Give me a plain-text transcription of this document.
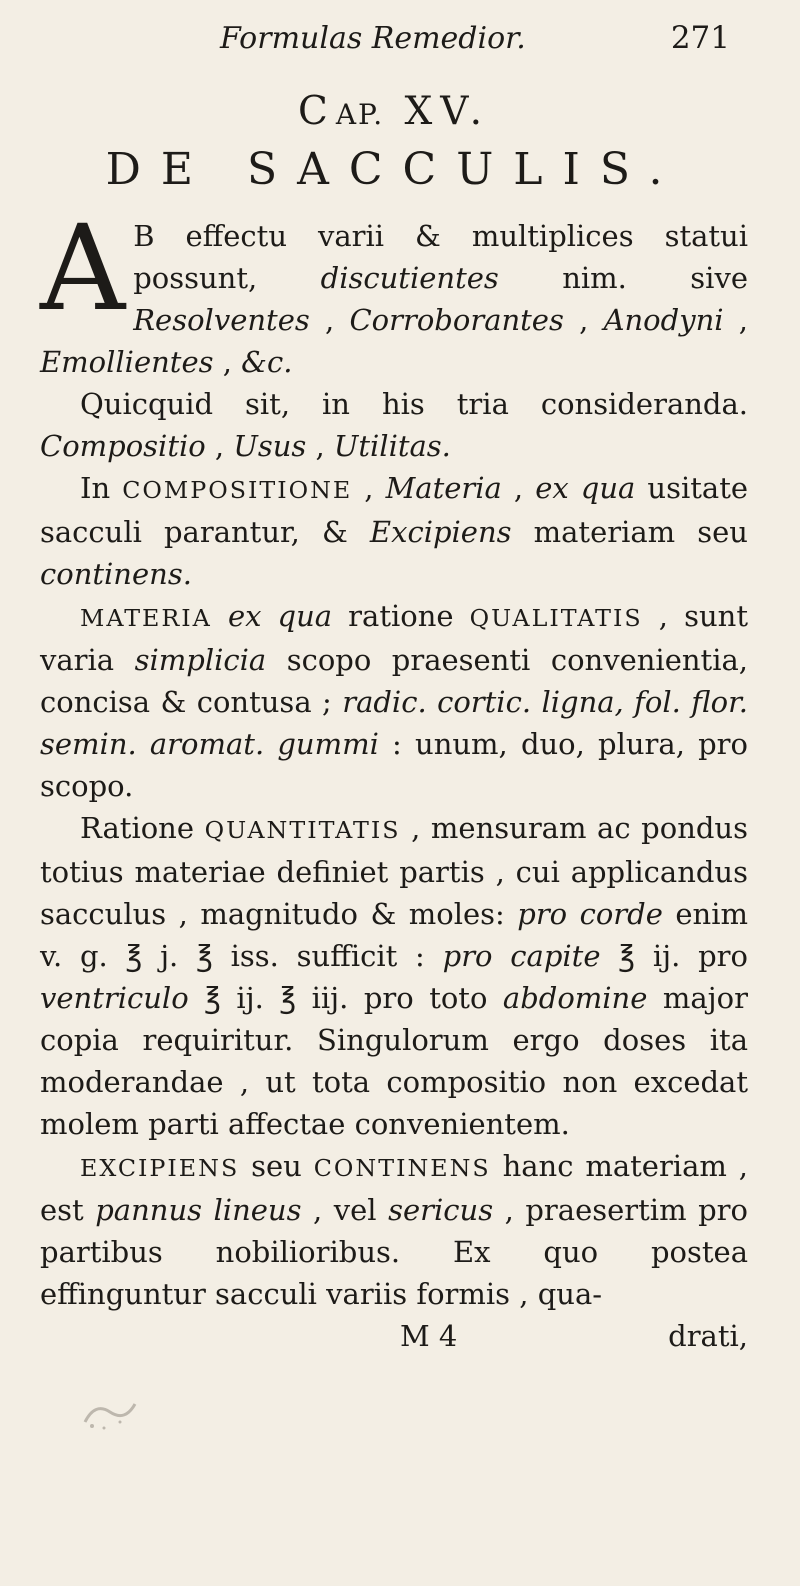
Formulas Remedior.	271
CAP. XV.
DE SACCULIS.

A B effectu varii & multiplices statui possunt, discutientes nim. sive Resolventes , Corroborantes , Anodyni , Emollientes , &c.

Quicquid sit, in his tria consideranda. Compositio , Usus , Utilitas.

In COMPOSITIONE , Materia , ex qua usitate sacculi parantur, & Excipiens materiam seu continens.

MATERIA ex qua ratione QUALITATIS , sunt varia simplicia scopo praesenti convenientia, concisa & contusa ; radic. cortic. ligna, fol. flor. semin. aromat. gummi : unum, duo, plura, pro scopo.

Ratione QUANTITATIS , mensuram ac pondus totius materiae definiet partis , cui applicandus sacculus , magnitudo & moles: pro corde enim v. g. ℥ j. ℥ iss. sufficit : pro capite ℥ ij. pro ventriculo ℥ ij. ℥ iij. pro toto abdomine major copia requiritur. Singulorum ergo doses ita moderandae , ut tota compositio non excedat molem parti affectae convenientem.

EXCIPIENS seu CONTINENS hanc materiam , est pannus lineus , vel sericus , praesertim pro partibus nobilioribus. Ex quo postea effinguntur sacculi variis formis , qua-

M 4	drati,
